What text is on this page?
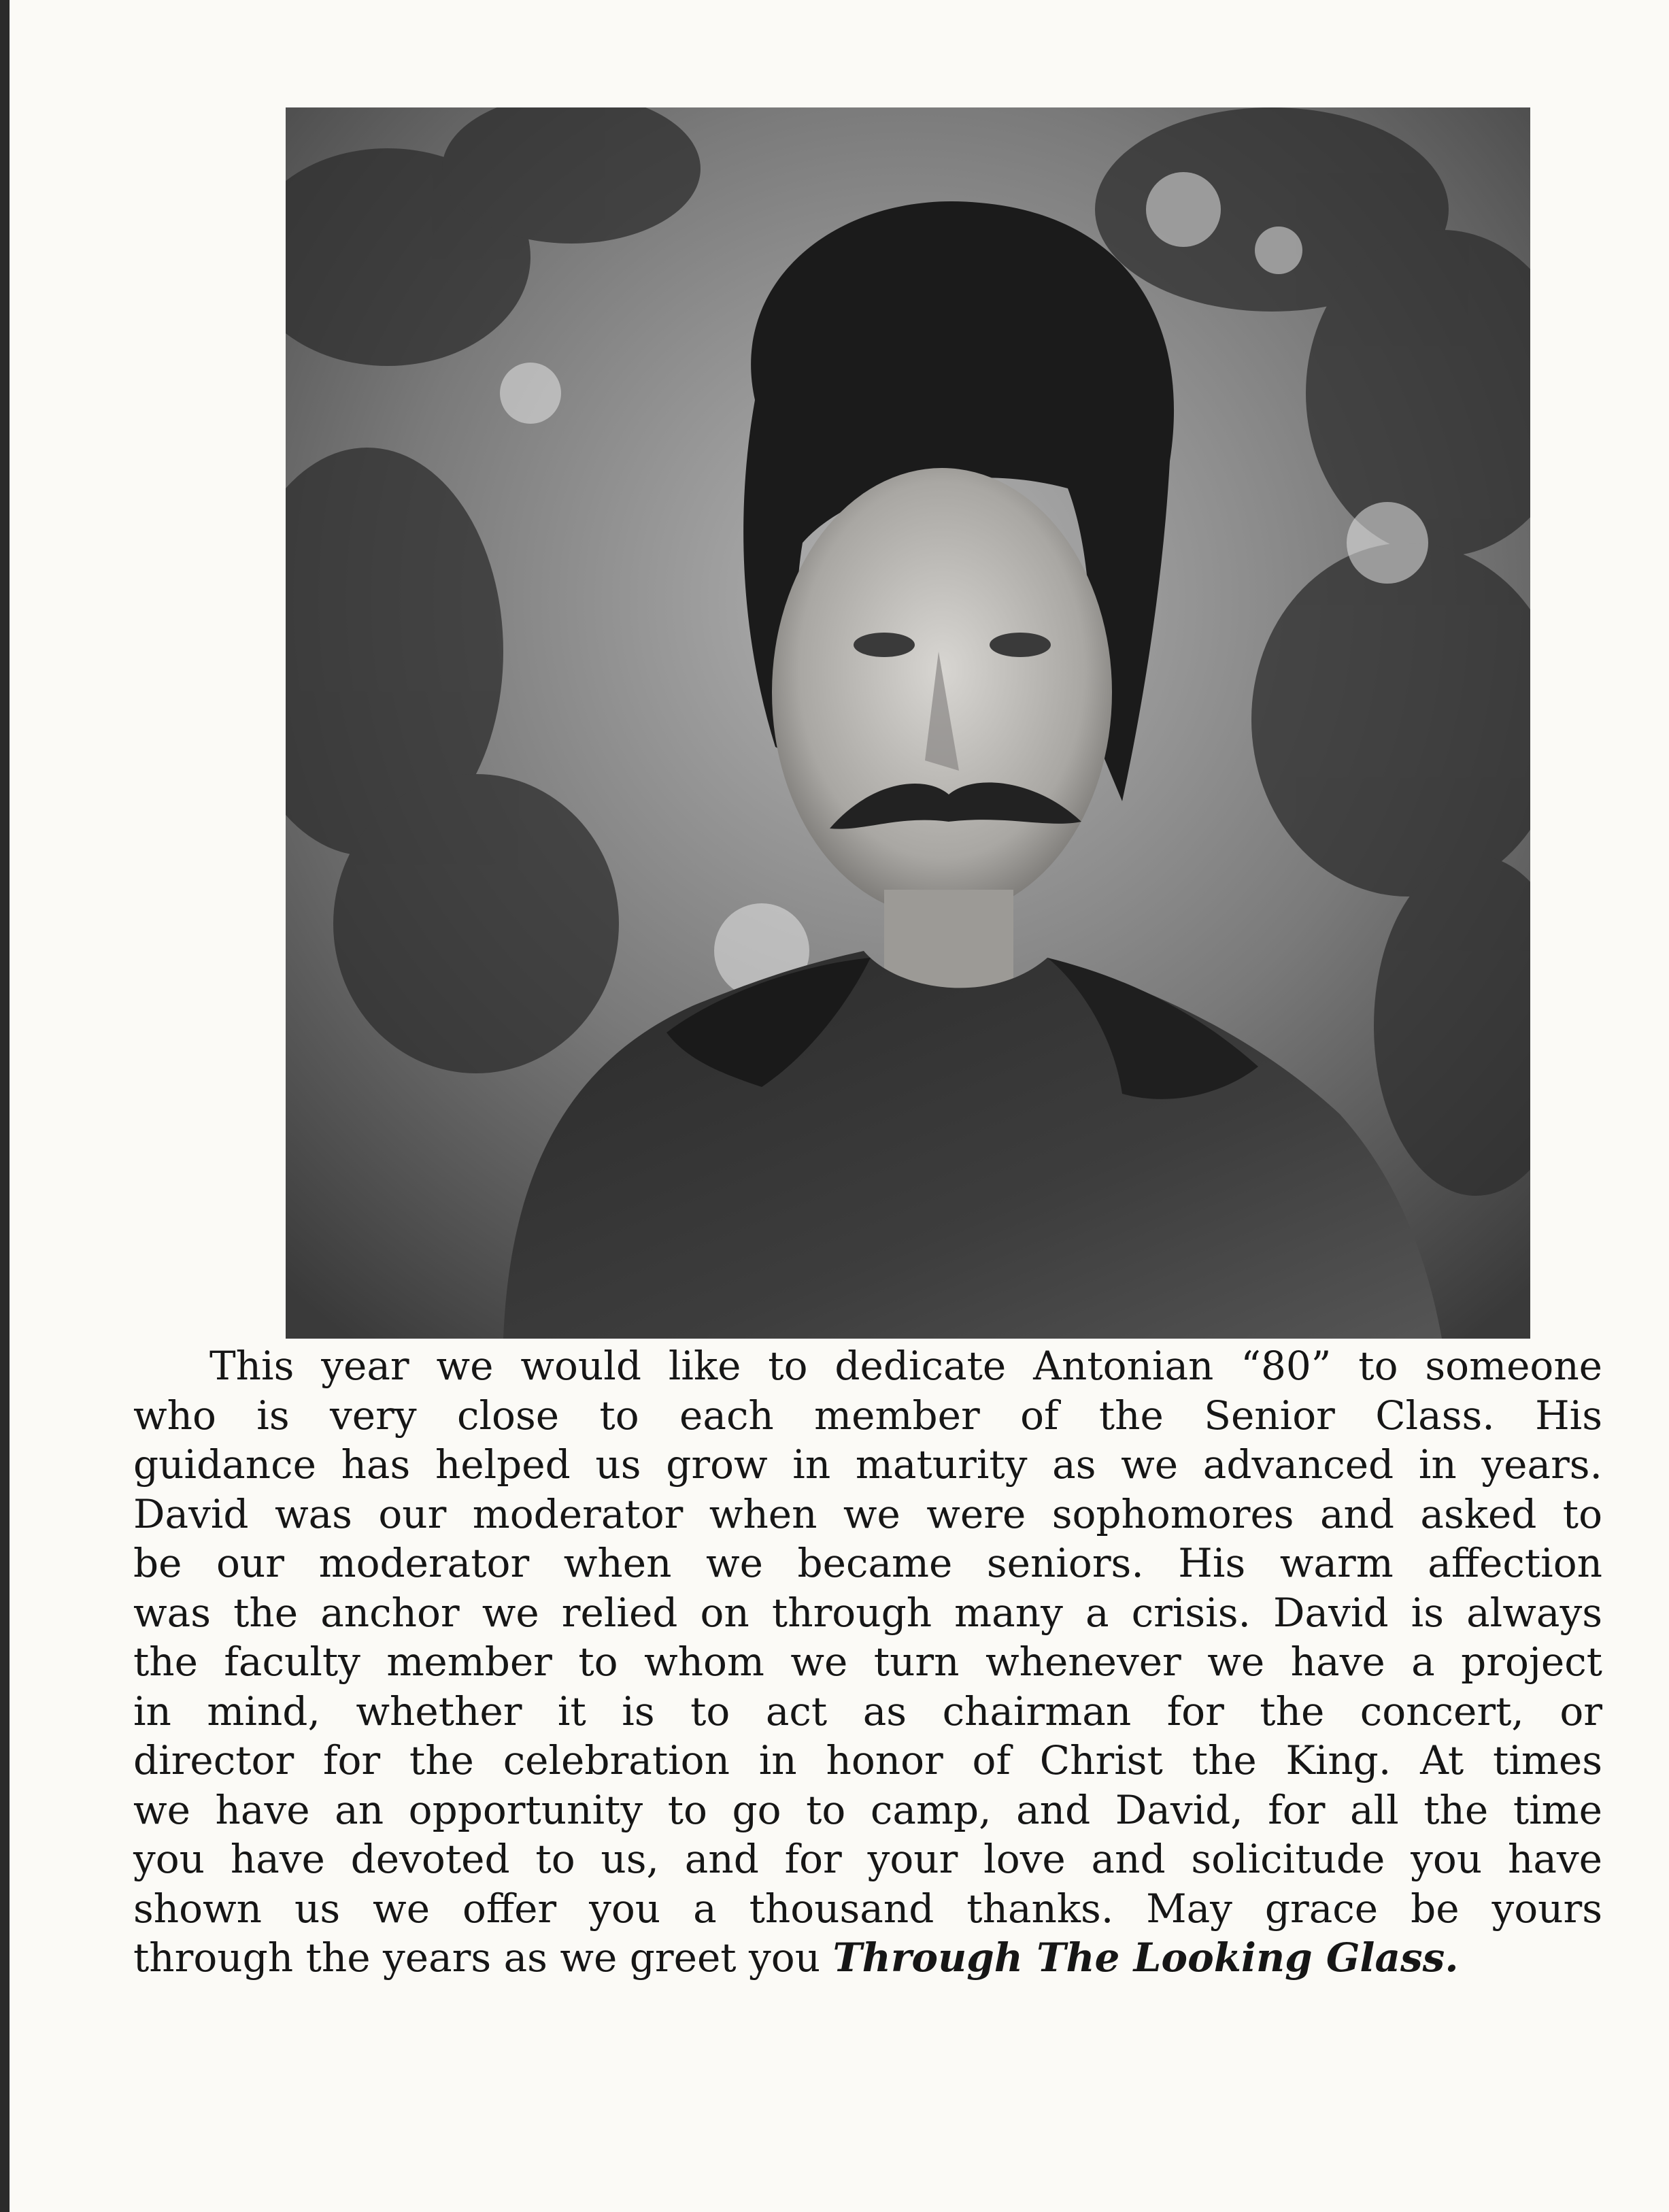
This year we would like to dedicate Antonian “80” to someone
who is very close to each member of the Senior Class. His
guidance has helped us grow in maturity as we advanced in years.
David was our moderator when we were sophomores and asked to
be our moderator when we became seniors. His warm affection
was the anchor we relied on through many a crisis. David is always
the faculty member to whom we turn whenever we have a project
in mind, whether it is to act as chairman for the concert, or
director for the celebration in honor of Christ the King. At times
we have an opportunity to go to camp, and David, for all the time
you have devoted to us, and for your love and solicitude you have
shown us we offer you a thousand thanks. May grace be yours
through the years as we greet you Through The Looking Glass.
